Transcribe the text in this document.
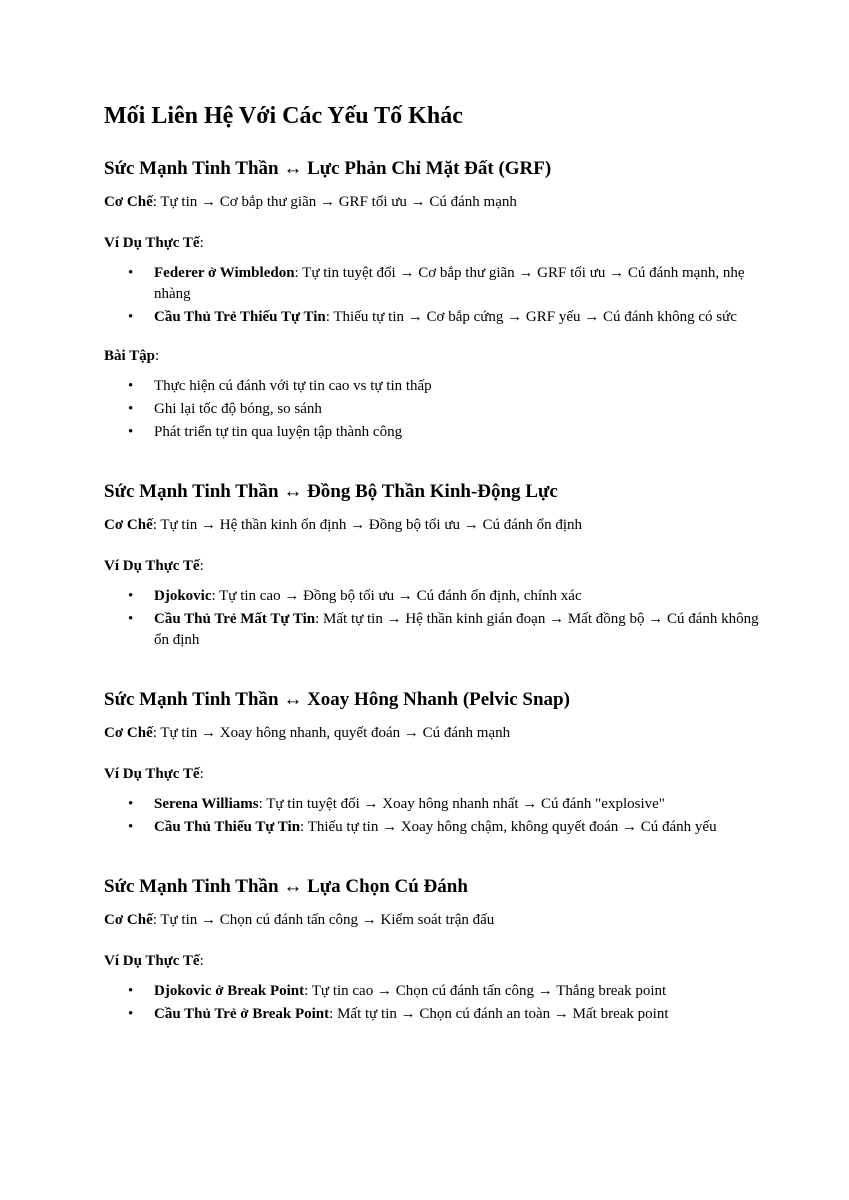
Mối Liên Hệ Với Các Yếu Tố Khác
Sức Mạnh Tinh Thần ↔ Lực Phản Chỉ Mặt Đất (GRF)

Cơ Chế: Tự tin → Cơ bắp thư giãn → GRF tối ưu → Cú đánh mạnh

Ví Dụ Thực Tế:

• Federer ở Wimbledon: Tự tin tuyệt đối → Cơ bắp thư giãn → GRF tối ưu → Cú đánh mạnh, nhẹ nhàng
• Cầu Thủ Trẻ Thiếu Tự Tin: Thiếu tự tin → Cơ bắp cứng → GRF yếu → Cú đánh không có sức

Bài Tập:

• Thực hiện cú đánh với tự tin cao vs tự tin thấp
• Ghi lại tốc độ bóng, so sánh
• Phát triển tự tin qua luyện tập thành công
Sức Mạnh Tinh Thần ↔ Đồng Bộ Thần Kinh-Động Lực

Cơ Chế: Tự tin → Hệ thần kinh ổn định → Đồng bộ tối ưu → Cú đánh ổn định

Ví Dụ Thực Tế:

• Djokovic: Tự tin cao → Đồng bộ tối ưu → Cú đánh ổn định, chính xác
• Cầu Thủ Trẻ Mất Tự Tin: Mất tự tin → Hệ thần kinh gián đoạn → Mất đồng bộ → Cú đánh không ổn định
Sức Mạnh Tinh Thần ↔ Xoay Hông Nhanh (Pelvic Snap)

Cơ Chế: Tự tin → Xoay hông nhanh, quyết đoán → Cú đánh mạnh

Ví Dụ Thực Tế:

• Serena Williams: Tự tin tuyệt đối → Xoay hông nhanh nhất → Cú đánh "explosive"
• Cầu Thủ Thiếu Tự Tin: Thiếu tự tin → Xoay hông chậm, không quyết đoán → Cú đánh yếu
Sức Mạnh Tinh Thần ↔ Lựa Chọn Cú Đánh

Cơ Chế: Tự tin → Chọn cú đánh tấn công → Kiểm soát trận đấu

Ví Dụ Thực Tế:

• Djokovic ở Break Point: Tự tin cao → Chọn cú đánh tấn công → Thắng break point
• Cầu Thủ Trẻ ở Break Point: Mất tự tin → Chọn cú đánh an toàn → Mất break point
